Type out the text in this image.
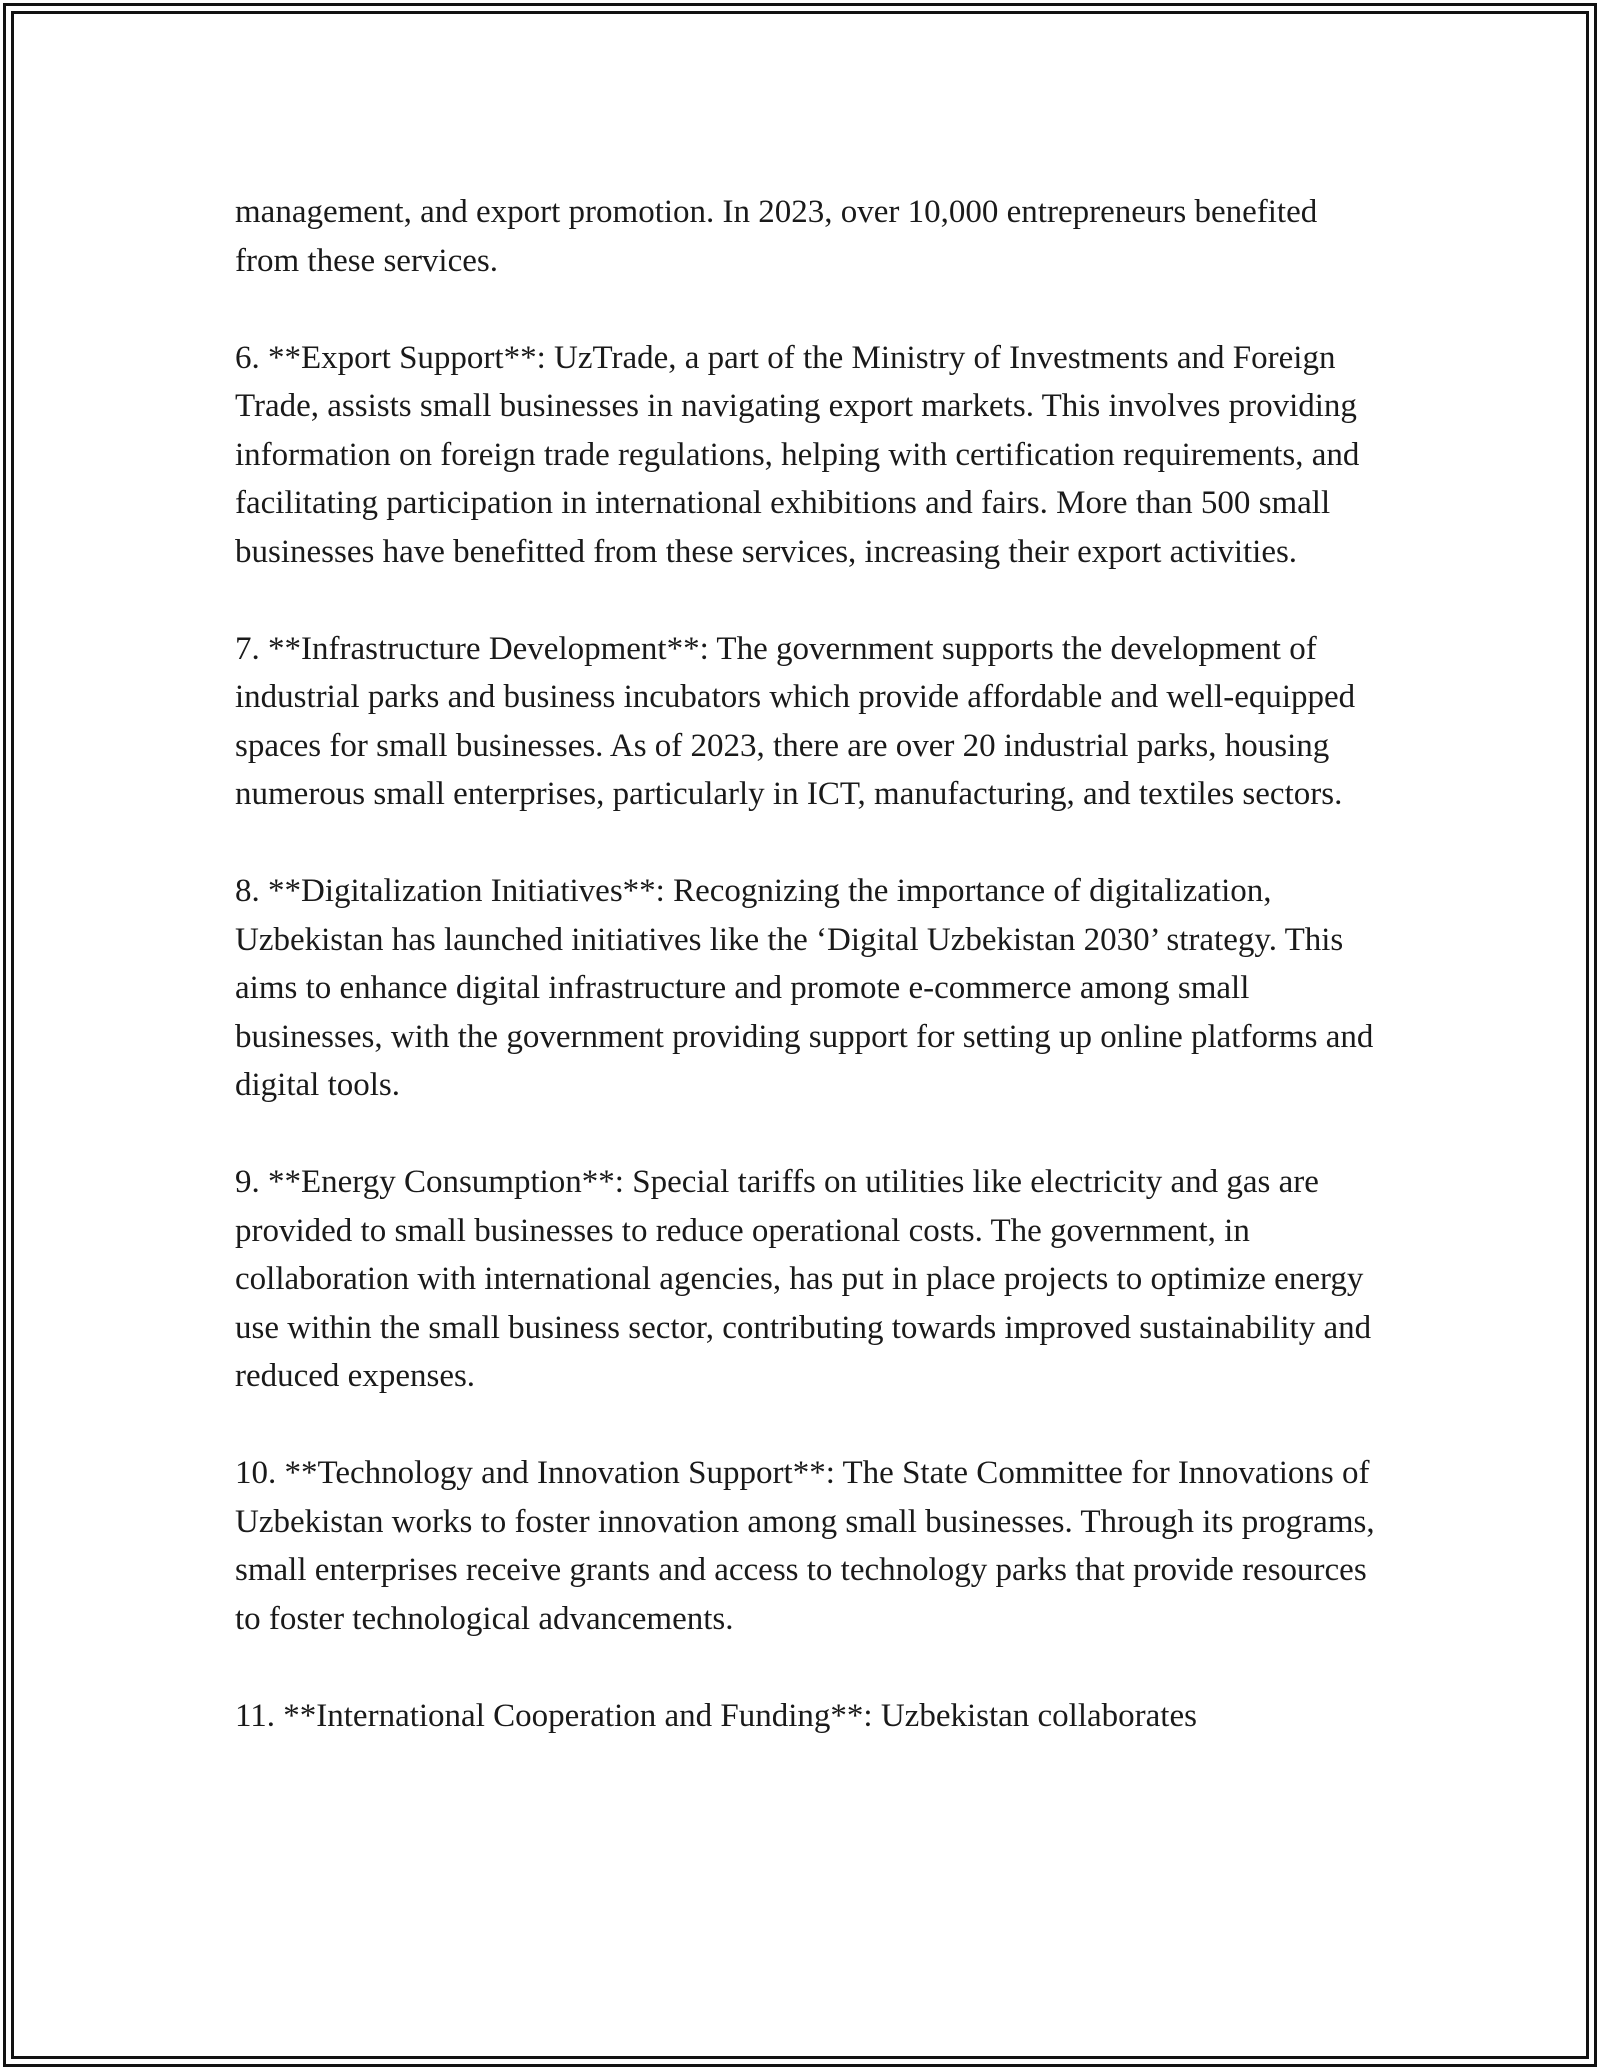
management, and export promotion. In 2023, over 10,000 entrepreneurs benefited from these services.

6. **Export Support**: UzTrade, a part of the Ministry of Investments and Foreign Trade, assists small businesses in navigating export markets. This involves providing information on foreign trade regulations, helping with certification requirements, and facilitating participation in international exhibitions and fairs. More than 500 small businesses have benefitted from these services, increasing their export activities.

7. **Infrastructure Development**: The government supports the development of industrial parks and business incubators which provide affordable and well-equipped spaces for small businesses. As of 2023, there are over 20 industrial parks, housing numerous small enterprises, particularly in ICT, manufacturing, and textiles sectors.

8. **Digitalization Initiatives**: Recognizing the importance of digitalization, Uzbekistan has launched initiatives like the ‘Digital Uzbekistan 2030’ strategy. This aims to enhance digital infrastructure and promote e-commerce among small businesses, with the government providing support for setting up online platforms and digital tools.

9. **Energy Consumption**: Special tariffs on utilities like electricity and gas are provided to small businesses to reduce operational costs. The government, in collaboration with international agencies, has put in place projects to optimize energy use within the small business sector, contributing towards improved sustainability and reduced expenses.

10. **Technology and Innovation Support**: The State Committee for Innovations of Uzbekistan works to foster innovation among small businesses. Through its programs, small enterprises receive grants and access to technology parks that provide resources to foster technological advancements.

11. **International Cooperation and Funding**: Uzbekistan collaborates
